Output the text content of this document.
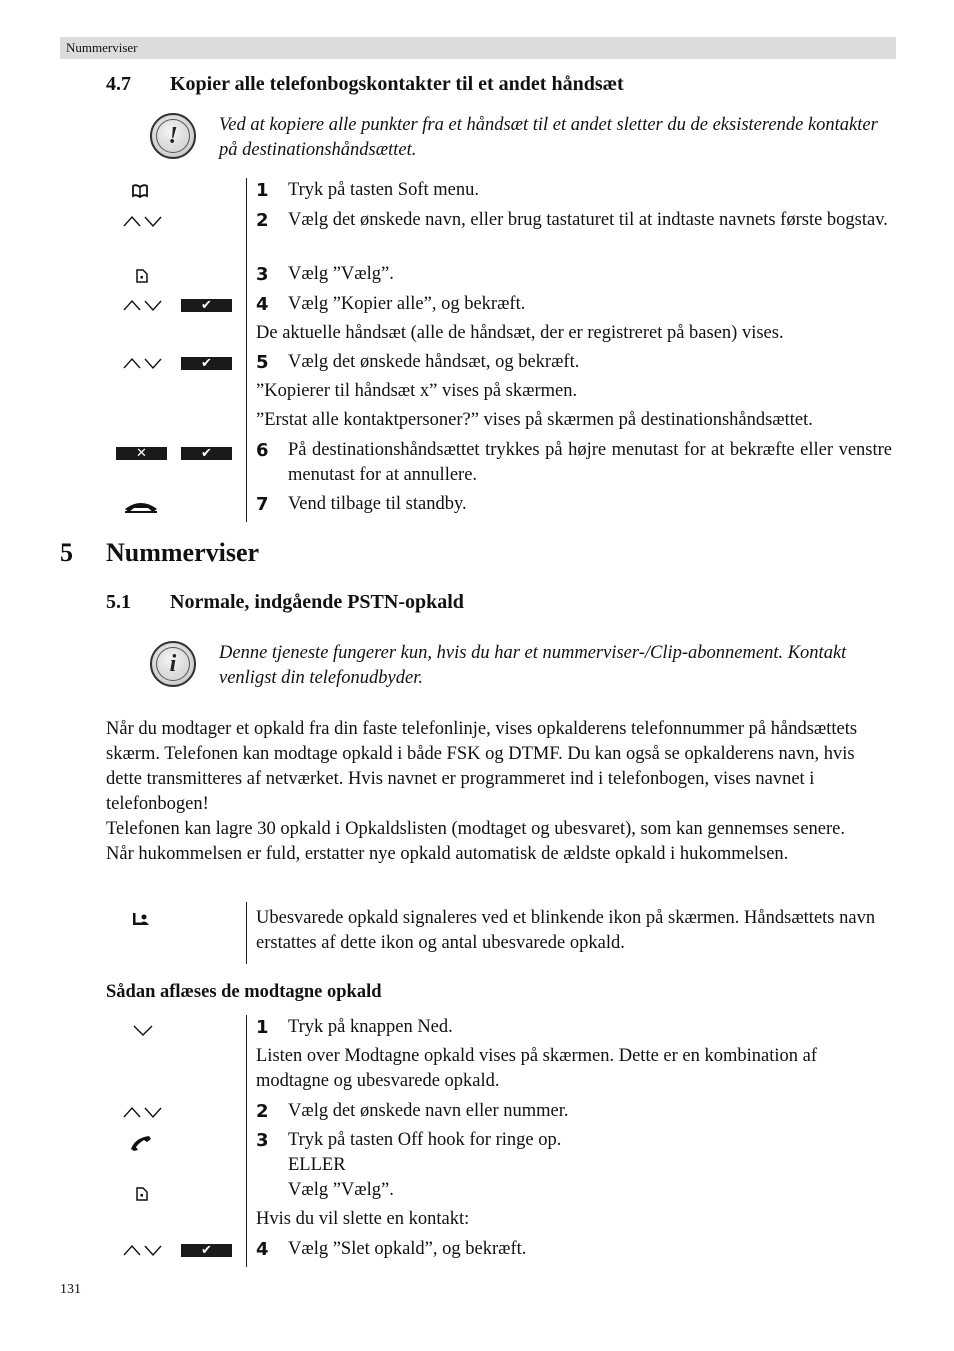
Nummerviser
4.7 Kopier alle telefonbogskontakter til et andet håndsæt
!	Ved at kopiere alle punkter fra et håndsæt til et andet sletter du de eksisterende kontakter på destinationshåndsættet.
1	Tryk på tasten Soft menu.
2	Vælg det ønskede navn, eller brug tastaturet til at indtaste navnets første bogstav.
3	Vælg ”Vælg”.
✔	4	Vælg ”Kopier alle”, og bekræft.
De aktuelle håndsæt (alle de håndsæt, der er registreret på basen) vises.
✔	5	Vælg det ønskede håndsæt, og bekræft.
”Kopierer til håndsæt x” vises på skærmen.
”Erstat alle kontaktpersoner?” vises på skærmen på destinationshåndsættet.
✕	✔	6	På destinationshåndsættet trykkes på højre menutast for at bekræfte eller venstre menutast for at annullere.
7	Vend tilbage til standby.
5 Nummerviser
5.1 Normale, indgående PSTN-opkald
i	Denne tjeneste fungerer kun, hvis du har et nummerviser-/Clip-abonnement. Kontakt venligst din telefonudbyder.
Når du modtager et opkald fra din faste telefonlinje, vises opkalderens telefonnummer på håndsættets skærm. Telefonen kan modtage opkald i både FSK og DTMF. Du kan også se opkalderens navn, hvis dette transmitteres af netværket. Hvis navnet er programmeret ind i telefonbogen, vises navnet i telefonbogen!
Telefonen kan lagre 30 opkald i Opkaldslisten (modtaget og ubesvaret), som kan gennemses senere. Når hukommelsen er fuld, erstatter nye opkald automatisk de ældste opkald i hukommelsen.
Ubesvarede opkald signaleres ved et blinkende ikon på skærmen. Håndsættets navn erstattes af dette ikon og antal ubesvarede opkald.
Sådan aflæses de modtagne opkald
1	Tryk på knappen Ned.
Listen over Modtagne opkald vises på skærmen. Dette er en kombination af modtagne og ubesvarede opkald.
2	Vælg det ønskede navn eller nummer.
3	Tryk på tasten Off hook for ringe op.
ELLER
Vælg ”Vælg”.
Hvis du vil slette en kontakt:
✔	4	Vælg ”Slet opkald”, og bekræft.
131
